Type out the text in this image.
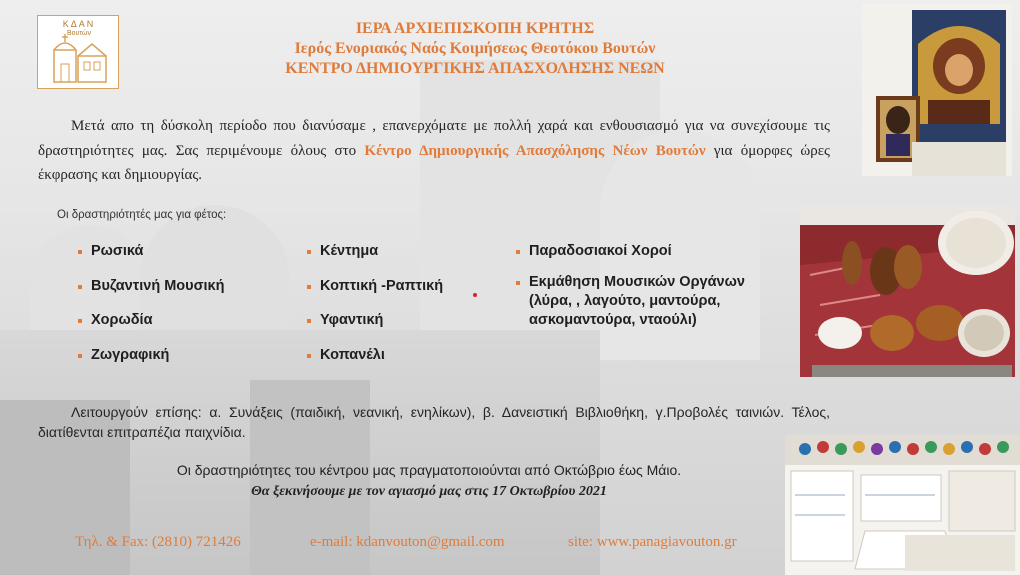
ΚΔΑΝ
Βουτών	ΙΕΡΑ ΑΡΧΙΕΠΙΣΚΟΠΗ ΚΡΗΤΗΣ
Ιερός Ενοριακός Ναός Κοιμήσεως Θεοτόκου Βουτών
ΚΕΝΤΡΟ ΔΗΜΙΟΥΡΓΙΚΗΣ ΑΠΑΣΧΟΛΗΣΗΣ ΝΕΩΝ

Μετά απο τη δύσκολη περίοδο που διανύσαμε , επανερχόματε με πολλή χαρά και ενθουσιασμό για να συνεχίσουμε τις δραστηριότητες μας. Σας περιμένουμε όλους στο Κέντρο Δημιουργικής Απασχόλησης Νέων Βουτών για όμορφες ώρες έκφρασης και δημιουργίας.

Οι δραστηριότητές μας για φέτος:
Ρωσικά
Βυζαντινή Μουσική
Χορωδία
Ζωγραφική
Κέντημα
Κοπτική -Ραπτική
Υφαντική
Κοπανέλι
Παραδοσιακοί Χοροί
Εκμάθηση Μουσικών Οργάνων (λύρα, , λαγούτο, μαντούρα, ασκομαντούρα, νταούλι)

Λειτουργούν επίσης: α. Συνάξεις (παιδική, νεανική, ενηλίκων), β. Δανειστική Βιβλιοθήκη, γ.Προβολές ταινιών. Τέλος, διατίθενται επιτραπέζια παιχνίδια.

Οι δραστηριότητες του κέντρου μας πραγματοποιούνται από Οκτώβριο έως Μάιο.
Θα ξεκινήσουμε με τον αγιασμό μας στις 17 Οκτωβρίου 2021
Τηλ. & Fax: (2810) 721426	e-mail: kdanvouton@gmail.com	site: www.panagiavouton.gr
